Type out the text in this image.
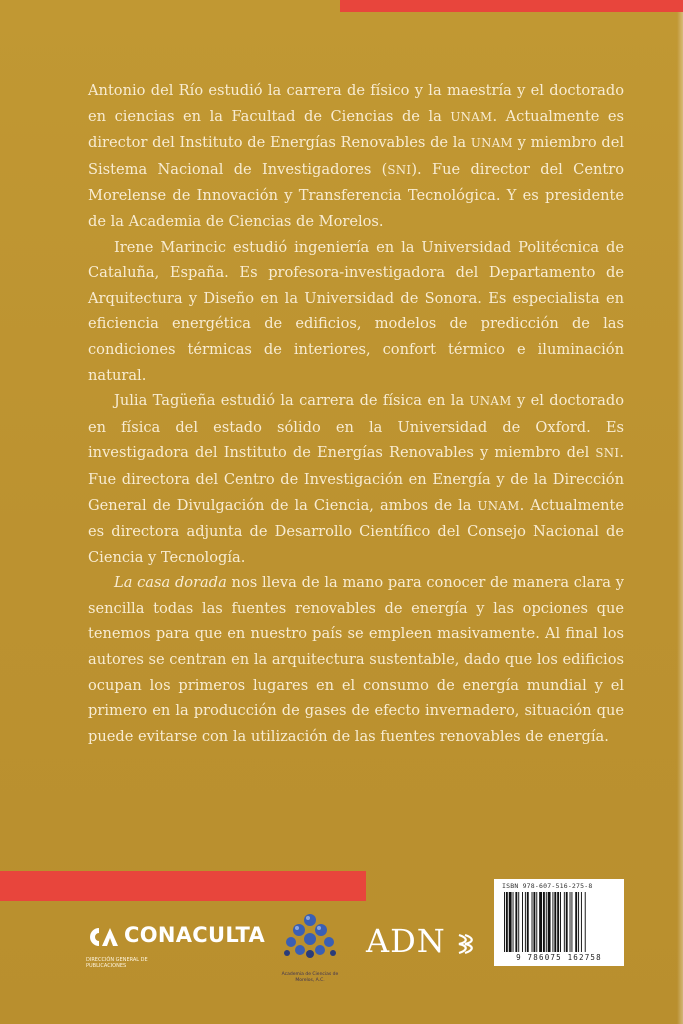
Antonio del Río estudió la carrera de físico y la maestría y el doctorado en ciencias en la Facultad de Ciencias de la UNAM. Actualmente es director del Instituto de Energías Renovables de la UNAM y miembro del Sistema Nacional de Investigadores (SNI). Fue director del Centro Morelense de Innovación y Transferencia Tecnológica. Y es presidente de la Academia de Ciencias de Morelos.

Irene Marincic estudió ingeniería en la Universidad Politécnica de Cataluña, España. Es profesora-investigadora del Departamento de Arquitectura y Diseño en la Universidad de Sonora. Es especialista en eficiencia energética de edificios, modelos de predicción de las condiciones térmicas de interiores, confort térmico e iluminación natural.

Julia Tagüeña estudió la carrera de física en la UNAM y el doctorado en física del estado sólido en la Universidad de Oxford. Es investigadora del Instituto de Energías Renovables y miembro del SNI. Fue directora del Centro de Investigación en Energía y de la Dirección General de Divulgación de la Ciencia, ambos de la UNAM. Actualmente es directora adjunta de Desarrollo Científico del Consejo Nacional de Ciencia y Tecnología.

La casa dorada nos lleva de la mano para conocer de manera clara y sencilla todas las fuentes renovables de energía y las opciones que tenemos para que en nuestro país se empleen masivamente. Al final los autores se centran en la arquitectura sustentable, dado que los edificios ocupan los primeros lugares en el consumo de energía mundial y el primero en la producción de gases de efecto invernadero, situación que puede evitarse con la utilización de las fuentes renovables de energía.

CONACULTA
DIRECCIÓN GENERAL DE PUBLICACIONES
Academia de Ciencias de Morelos, A.C.
ADN
ISBN 978-607-516-275-8
9 786075 162758
